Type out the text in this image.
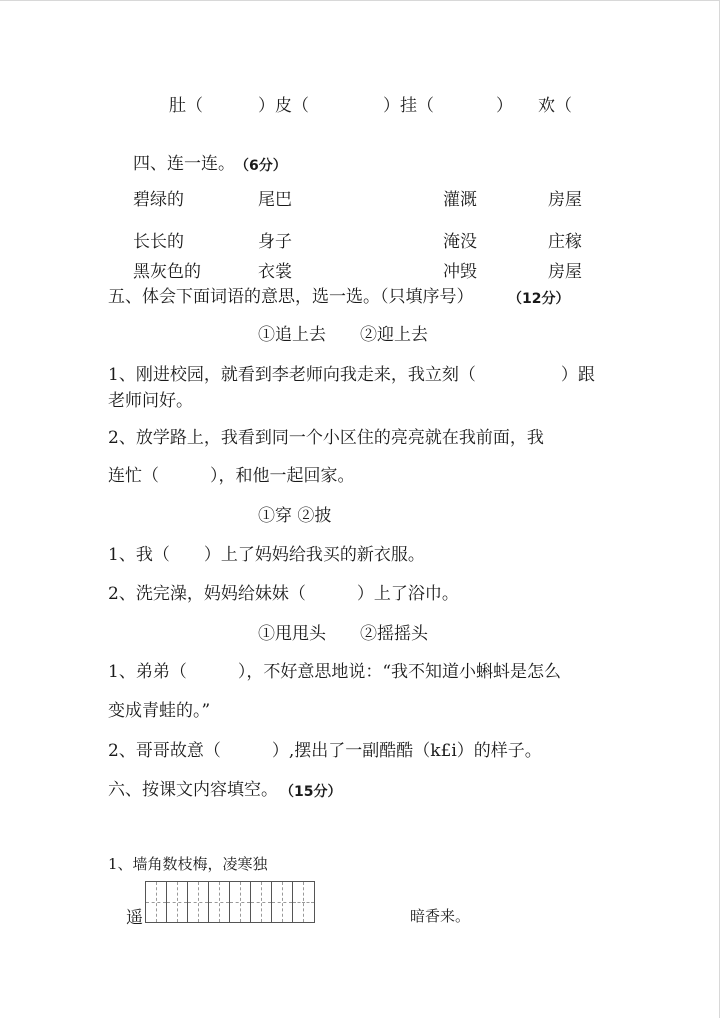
肚（	）皮（	）挂（	） 欢（
四、连一连。 （6分）
碧绿的	尾巴	灌溉	房屋
长长的	身子	淹没	庄稼
黑灰色的	衣裳	冲毁	房屋
五、体会下面词语的意思，选一选。（只填序号） （12分）
①追上去　　②迎上去
1、刚进校园，就看到李老师向我走来，我立刻（　　　　　）跟
老师问好。
2、放学路上，我看到同一个小区住的亮亮就在我前面，我
连忙（　　　），和他一起回家。
①穿 ②披
1、我（　　）上了妈妈给我买的新衣服。
2、洗完澡，妈妈给妹妹（　　　）上了浴巾。
①甩甩头　　②摇摇头
1、弟弟（　　　），不好意思地说：“我不知道小蝌蚪是怎么
变成青蛙的。”
2、哥哥故意（　　　）,摆出了一副酷酷（k£i）的样子。
六、按课文内容填空。 （15分）
1、墙角数枝梅，凌寒独
遥	暗香来。
